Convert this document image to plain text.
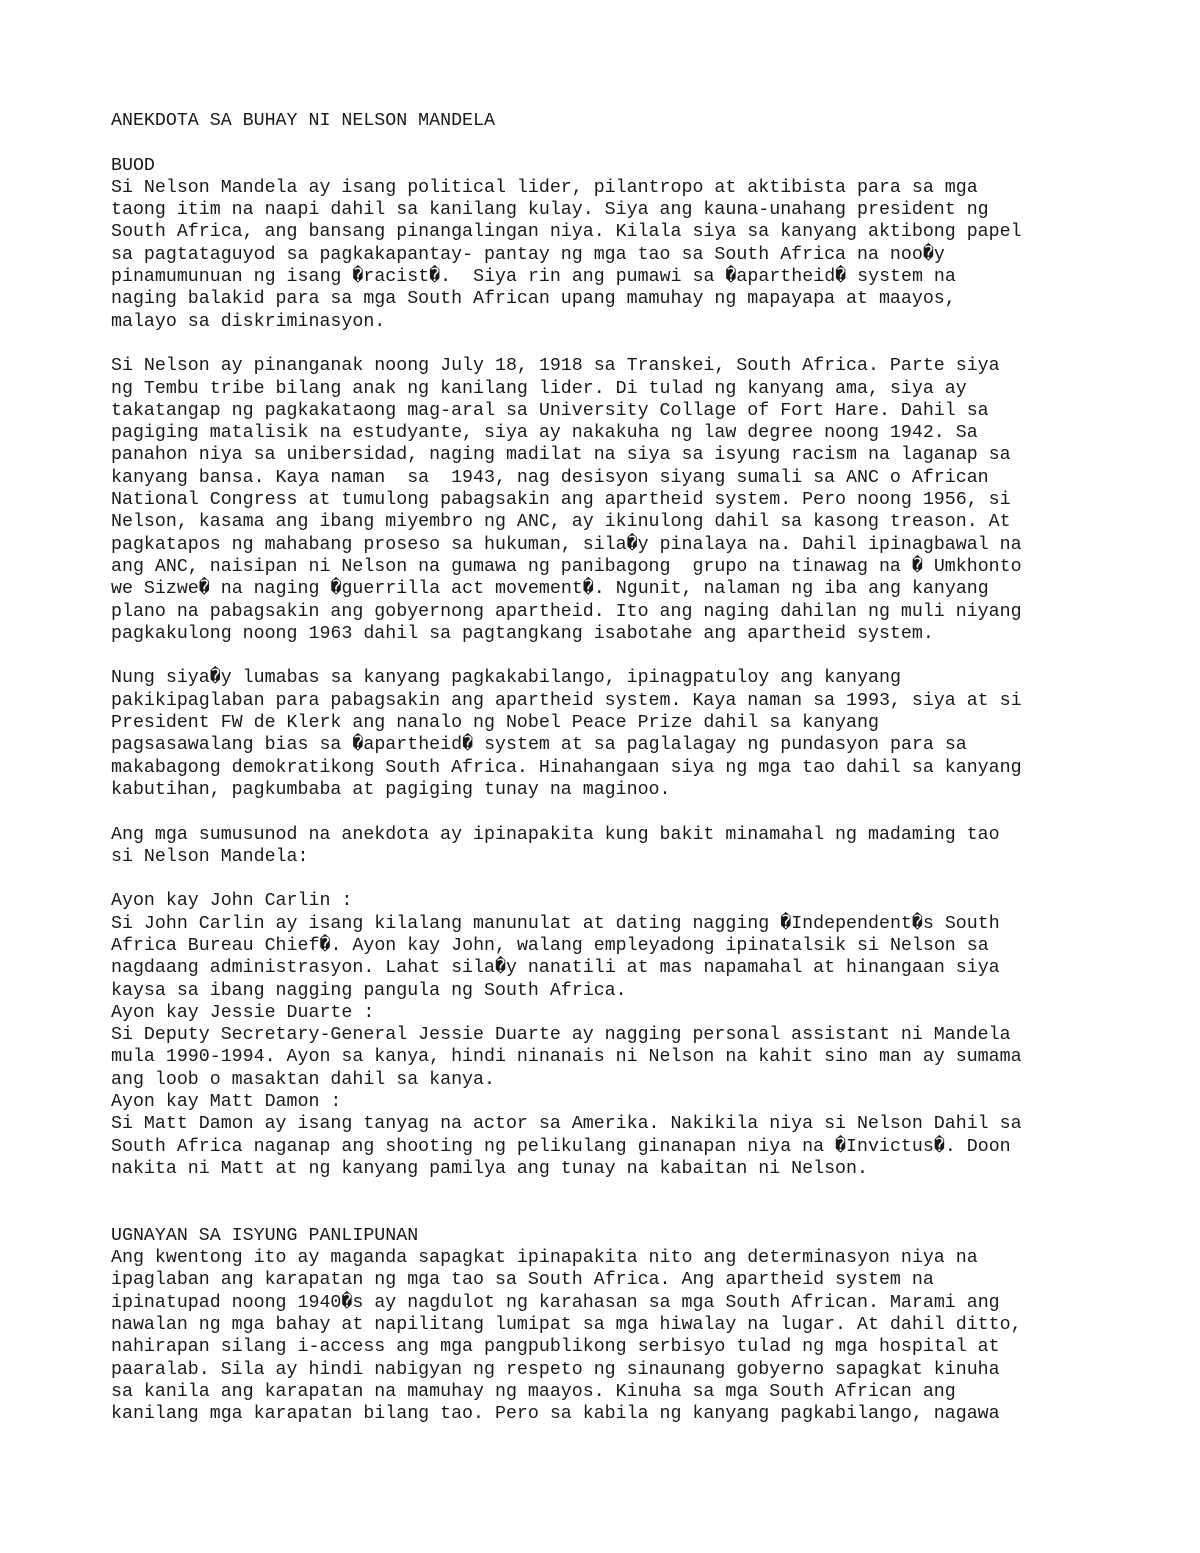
ANEKDOTA SA BUHAY NI NELSON MANDELA
BUOD
Si Nelson Mandela ay isang political lider, pilantropo at aktibista para sa mga
taong itim na naapi dahil sa kanilang kulay. Siya ang kauna-unahang president ng
South Africa, ang bansang pinangalingan niya. Kilala siya sa kanyang aktibong papel
sa pagtataguyod sa pagkakapantay- pantay ng mga tao sa South Africa na noo�y
pinamumunuan ng isang �racist�.  Siya rin ang pumawi sa �apartheid� system na
naging balakid para sa mga South African upang mamuhay ng mapayapa at maayos,
malayo sa diskriminasyon.
Si Nelson ay pinanganak noong July 18, 1918 sa Transkei, South Africa. Parte siya
ng Tembu tribe bilang anak ng kanilang lider. Di tulad ng kanyang ama, siya ay
takatangap ng pagkakataong mag-aral sa University Collage of Fort Hare. Dahil sa
pagiging matalisik na estudyante, siya ay nakakuha ng law degree noong 1942. Sa
panahon niya sa unibersidad, naging madilat na siya sa isyung racism na laganap sa
kanyang bansa. Kaya naman  sa  1943, nag desisyon siyang sumali sa ANC o African
National Congress at tumulong pabagsakin ang apartheid system. Pero noong 1956, si
Nelson, kasama ang ibang miyembro ng ANC, ay ikinulong dahil sa kasong treason. At
pagkatapos ng mahabang proseso sa hukuman, sila�y pinalaya na. Dahil ipinagbawal na
ang ANC, naisipan ni Nelson na gumawa ng panibagong  grupo na tinawag na � Umkhonto
we Sizwe� na naging �guerrilla act movement�. Ngunit, nalaman ng iba ang kanyang
plano na pabagsakin ang gobyernong apartheid. Ito ang naging dahilan ng muli niyang
pagkakulong noong 1963 dahil sa pagtangkang isabotahe ang apartheid system.
Nung siya�y lumabas sa kanyang pagkakabilango, ipinagpatuloy ang kanyang
pakikipaglaban para pabagsakin ang apartheid system. Kaya naman sa 1993, siya at si
President FW de Klerk ang nanalo ng Nobel Peace Prize dahil sa kanyang
pagsasawalang bias sa �apartheid� system at sa paglalagay ng pundasyon para sa
makabagong demokratikong South Africa. Hinahangaan siya ng mga tao dahil sa kanyang
kabutihan, pagkumbaba at pagiging tunay na maginoo.
Ang mga sumusunod na anekdota ay ipinapakita kung bakit minamahal ng madaming tao
si Nelson Mandela:
Ayon kay John Carlin :
Si John Carlin ay isang kilalang manunulat at dating nagging �Independent�s South
Africa Bureau Chief�. Ayon kay John, walang empleyadong ipinatalsik si Nelson sa
nagdaang administrasyon. Lahat sila�y nanatili at mas napamahal at hinangaan siya
kaysa sa ibang nagging pangula ng South Africa.
Ayon kay Jessie Duarte :
Si Deputy Secretary-General Jessie Duarte ay nagging personal assistant ni Mandela
mula 1990-1994. Ayon sa kanya, hindi ninanais ni Nelson na kahit sino man ay sumama
ang loob o masaktan dahil sa kanya.
Ayon kay Matt Damon :
Si Matt Damon ay isang tanyag na actor sa Amerika. Nakikila niya si Nelson Dahil sa
South Africa naganap ang shooting ng pelikulang ginanapan niya na �Invictus�. Doon
nakita ni Matt at ng kanyang pamilya ang tunay na kabaitan ni Nelson.
UGNAYAN SA ISYUNG PANLIPUNAN
Ang kwentong ito ay maganda sapagkat ipinapakita nito ang determinasyon niya na
ipaglaban ang karapatan ng mga tao sa South Africa. Ang apartheid system na
ipinatupad noong 1940�s ay nagdulot ng karahasan sa mga South African. Marami ang
nawalan ng mga bahay at napilitang lumipat sa mga hiwalay na lugar. At dahil ditto,
nahirapan silang i-access ang mga pangpublikong serbisyo tulad ng mga hospital at
paaralab. Sila ay hindi nabigyan ng respeto ng sinaunang gobyerno sapagkat kinuha
sa kanila ang karapatan na mamuhay ng maayos. Kinuha sa mga South African ang
kanilang mga karapatan bilang tao. Pero sa kabila ng kanyang pagkabilango, nagawa
